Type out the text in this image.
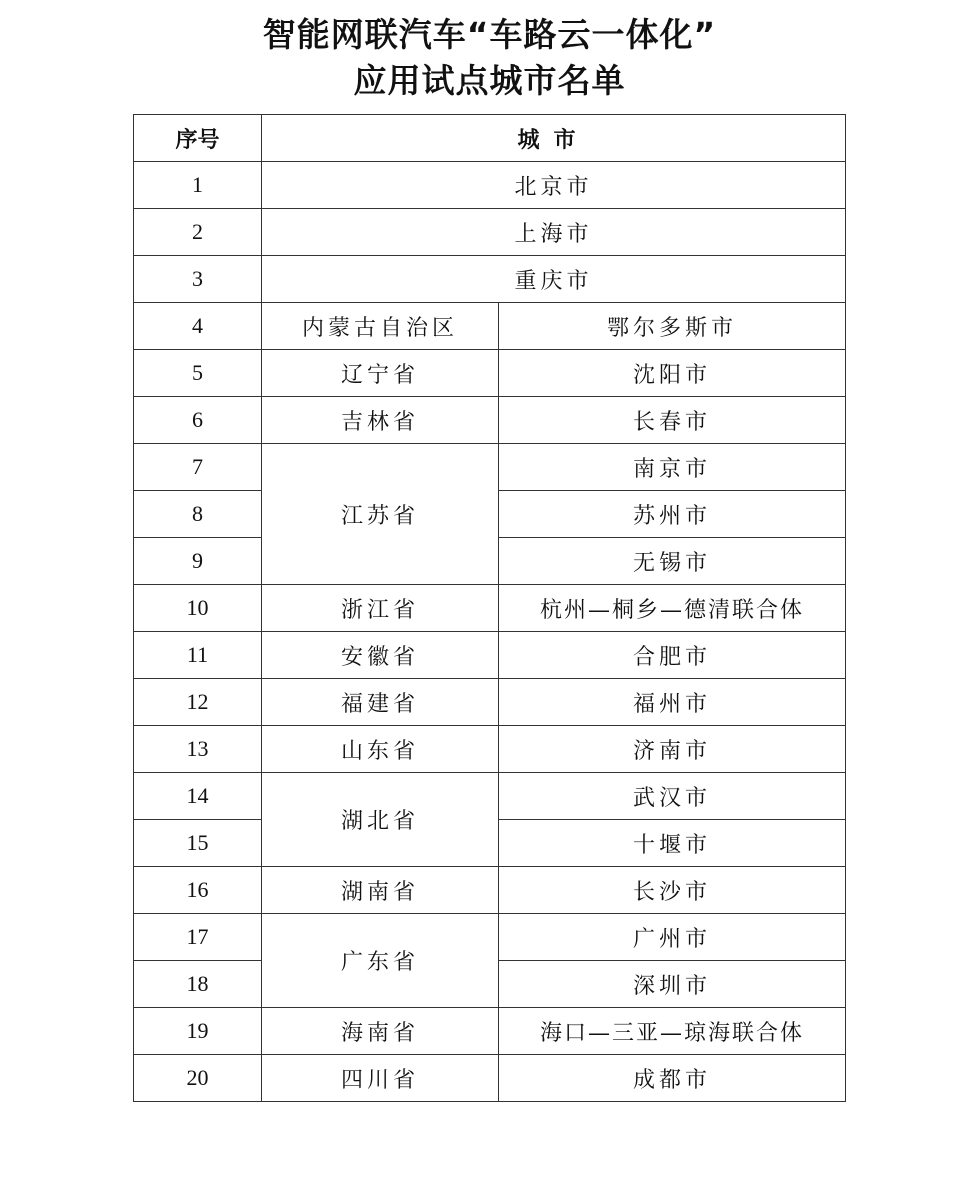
智能网联汽车“车路云一体化”
应用试点城市名单
序号	城市	
1	北京市	
2	上海市	
3	重庆市	
4	内蒙古自治区	鄂尔多斯市
5	辽宁省	沈阳市
6	吉林省	长春市
7	江苏省	南京市
8		苏州市
9		无锡市
10	浙江省	杭州—桐乡—德清联合体
11	安徽省	合肥市
12	福建省	福州市
13	山东省	济南市
14	湖北省	武汉市
15		十堰市
16	湖南省	长沙市
17	广东省	广州市
18		深圳市
19	海南省	海口—三亚—琼海联合体
20	四川省	成都市
